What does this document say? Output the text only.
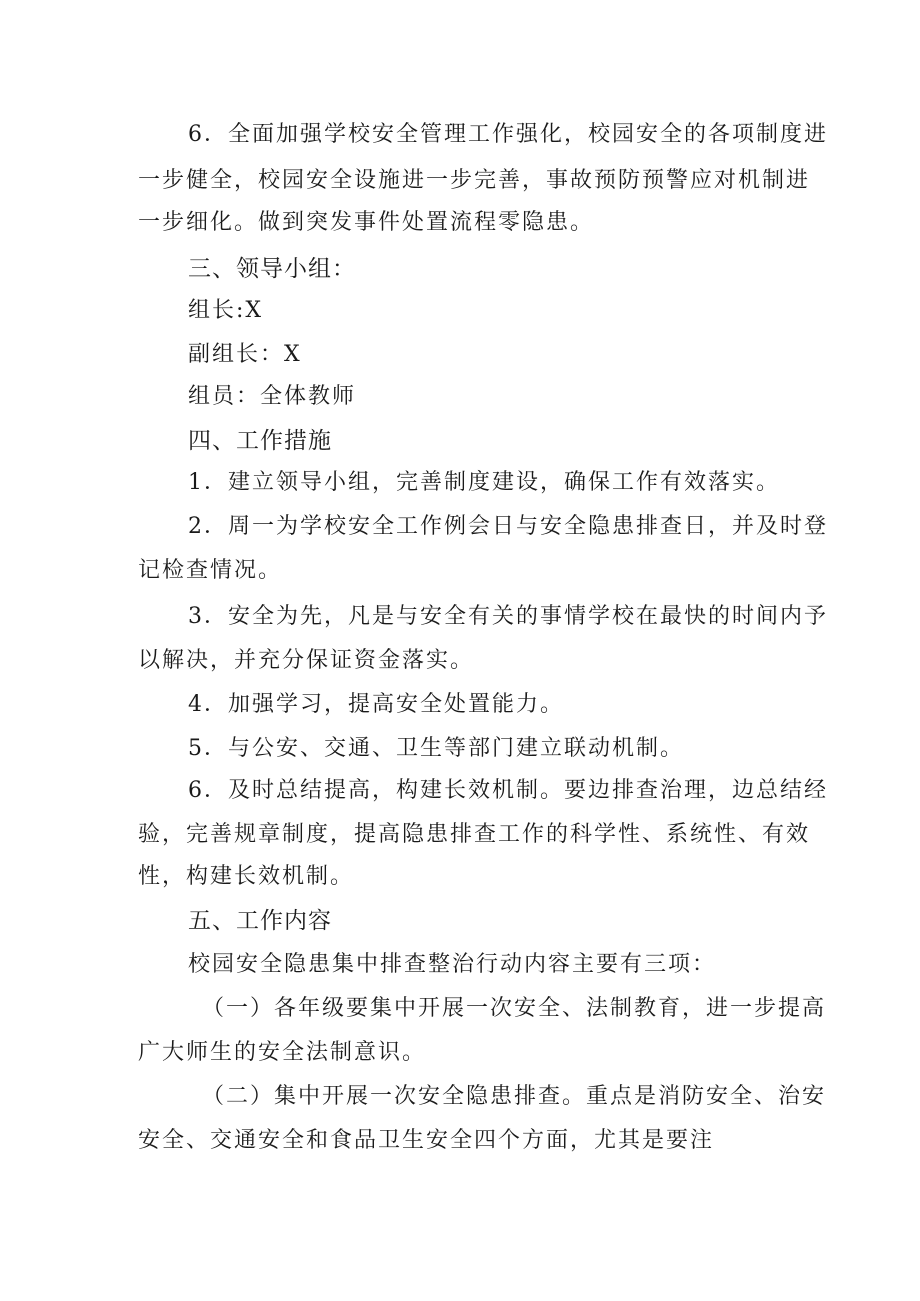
6．全面加强学校安全管理工作强化，校园安全的各项制度进
一步健全，校园安全设施进一步完善，事故预防预警应对机制进
一步细化。做到突发事件处置流程零隐患。
三、领导小组：
组长:X
副组长：X
组员：全体教师
四、工作措施
1．建立领导小组，完善制度建设，确保工作有效落实。
2．周一为学校安全工作例会日与安全隐患排查日，并及时登
记检查情况。
3．安全为先，凡是与安全有关的事情学校在最快的时间内予
以解决，并充分保证资金落实。
4．加强学习，提高安全处置能力。
5．与公安、交通、卫生等部门建立联动机制。
6．及时总结提高，构建长效机制。要边排查治理，边总结经
验，完善规章制度，提高隐患排查工作的科学性、系统性、有效
性，构建长效机制。
五、工作内容
校园安全隐患集中排查整治行动内容主要有三项：
（一）各年级要集中开展一次安全、法制教育，进一步提高
广大师生的安全法制意识。
（二）集中开展一次安全隐患排查。重点是消防安全、治安
安全、交通安全和食品卫生安全四个方面，尤其是要注
